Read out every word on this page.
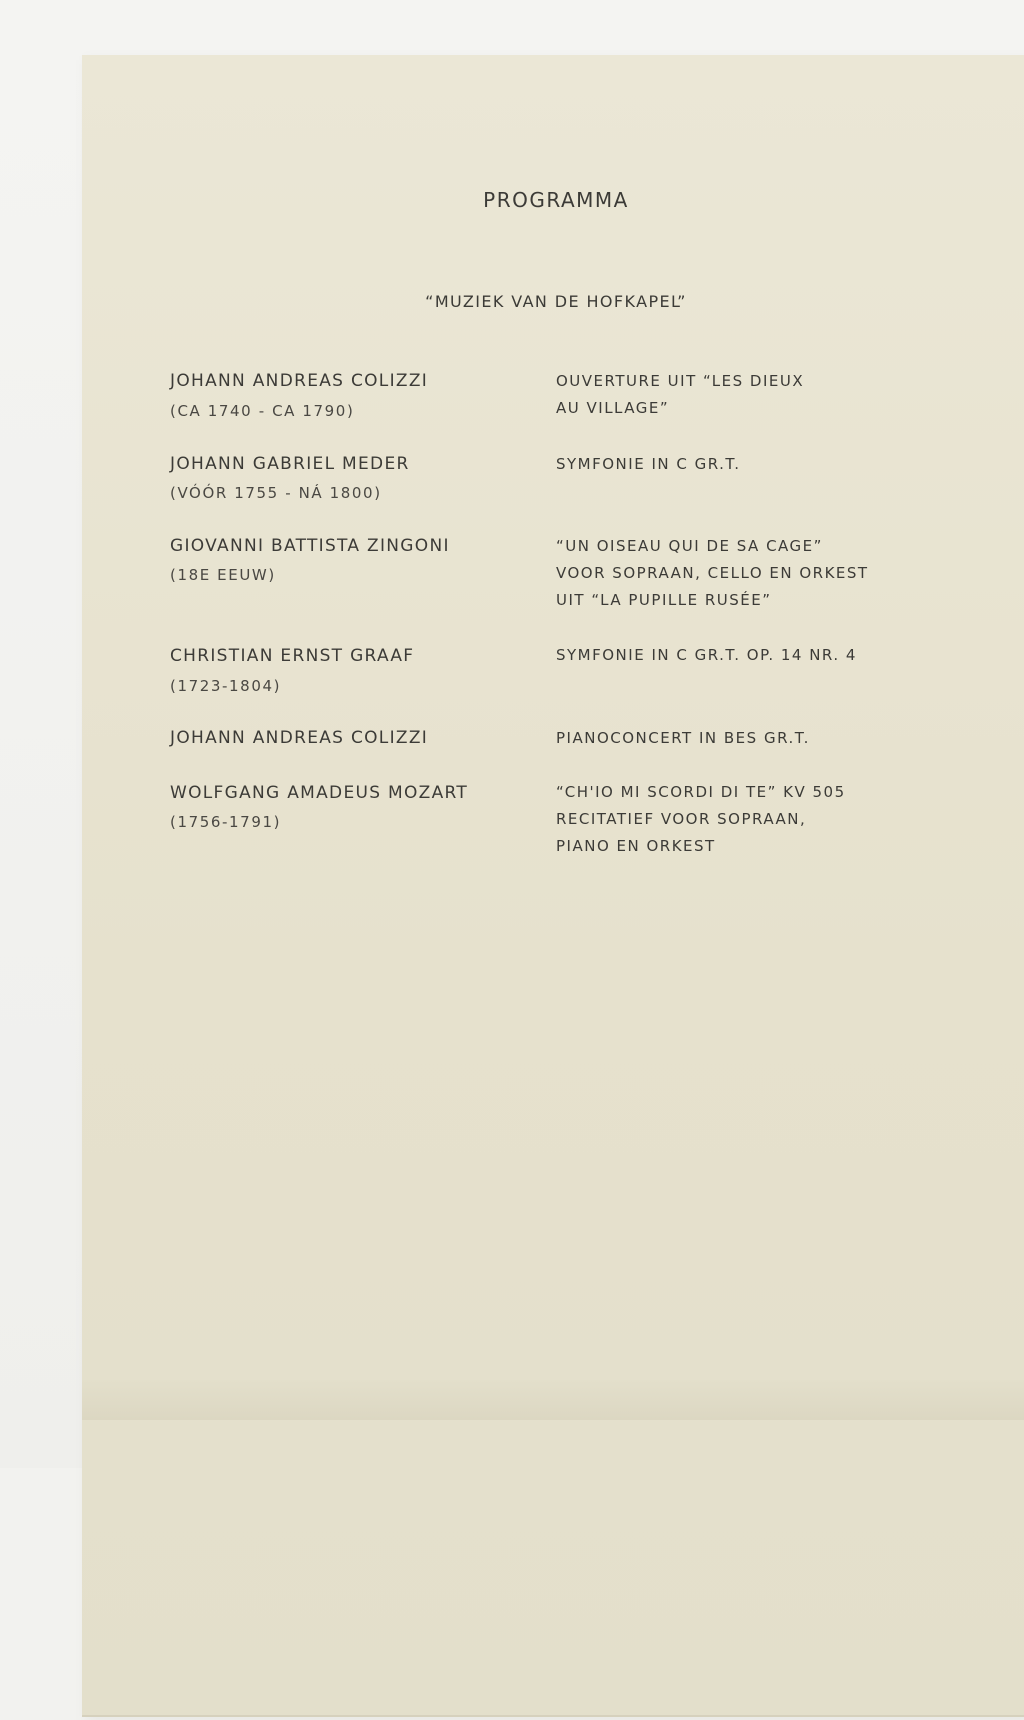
PROGRAMMA
“MUZIEK VAN DE HOFKAPEL”
JOHANN ANDREAS COLIZZI
(CA 1740 - CA 1790)
OUVERTURE UIT “LES DIEUX
AU VILLAGE”
JOHANN GABRIEL MEDER
(VÓÓR 1755 - NÁ 1800)
SYMFONIE IN C GR.T.
GIOVANNI BATTISTA ZINGONI
(18E EEUW)
“UN OISEAU QUI DE SA CAGE”
VOOR SOPRAAN, CELLO EN ORKEST
UIT “LA PUPILLE RUSÉE”
CHRISTIAN ERNST GRAAF
(1723-1804)
SYMFONIE IN C GR.T. OP. 14 NR. 4
JOHANN ANDREAS COLIZZI	PIANOCONCERT IN BES GR.T.
WOLFGANG AMADEUS MOZART
(1756-1791)
“CH'IO MI SCORDI DI TE” KV 505
RECITATIEF VOOR SOPRAAN,
PIANO EN ORKEST
